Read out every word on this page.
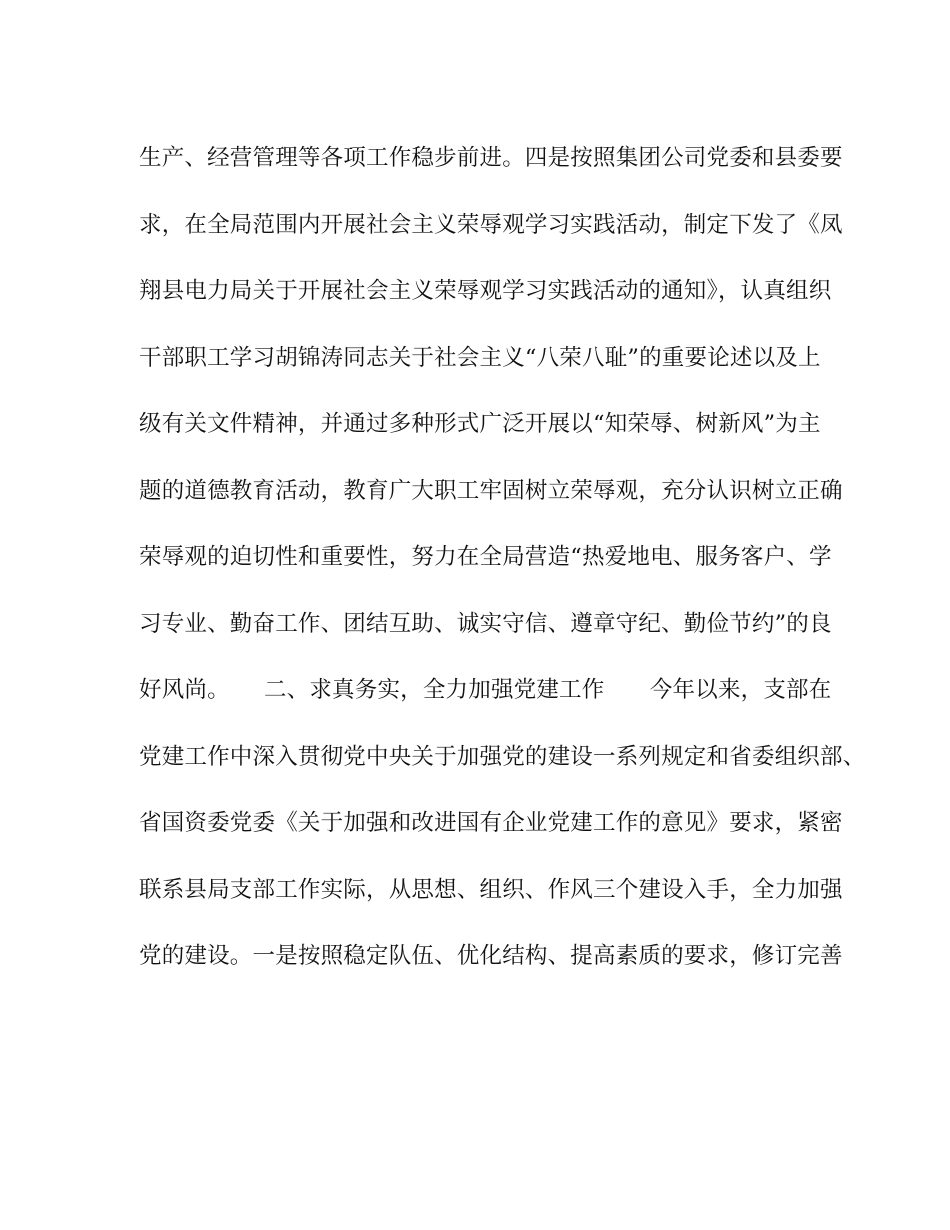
生产、经营管理等各项工作稳步前进。四是按照集团公司党委和县委要
求，在全局范围内开展社会主义荣辱观学习实践活动，制定下发了《凤
翔县电力局关于开展社会主义荣辱观学习实践活动的通知》，认真组织
干部职工学习胡锦涛同志关于社会主义“八荣八耻”的重要论述以及上
级有关文件精神，并通过多种形式广泛开展以“知荣辱、树新风”为主
题的道德教育活动，教育广大职工牢固树立荣辱观，充分认识树立正确
荣辱观的迫切性和重要性，努力在全局营造“热爱地电、服务客户、学
习专业、勤奋工作、团结互助、诚实守信、遵章守纪、勤俭节约”的良
好风尚。　　二、求真务实，全力加强党建工作　　今年以来，支部在
党建工作中深入贯彻党中央关于加强党的建设一系列规定和省委组织部、
省国资委党委《关于加强和改进国有企业党建工作的意见》要求，紧密
联系县局支部工作实际，从思想、组织、作风三个建设入手，全力加强
党的建设。一是按照稳定队伍、优化结构、提高素质的要求，修订完善
